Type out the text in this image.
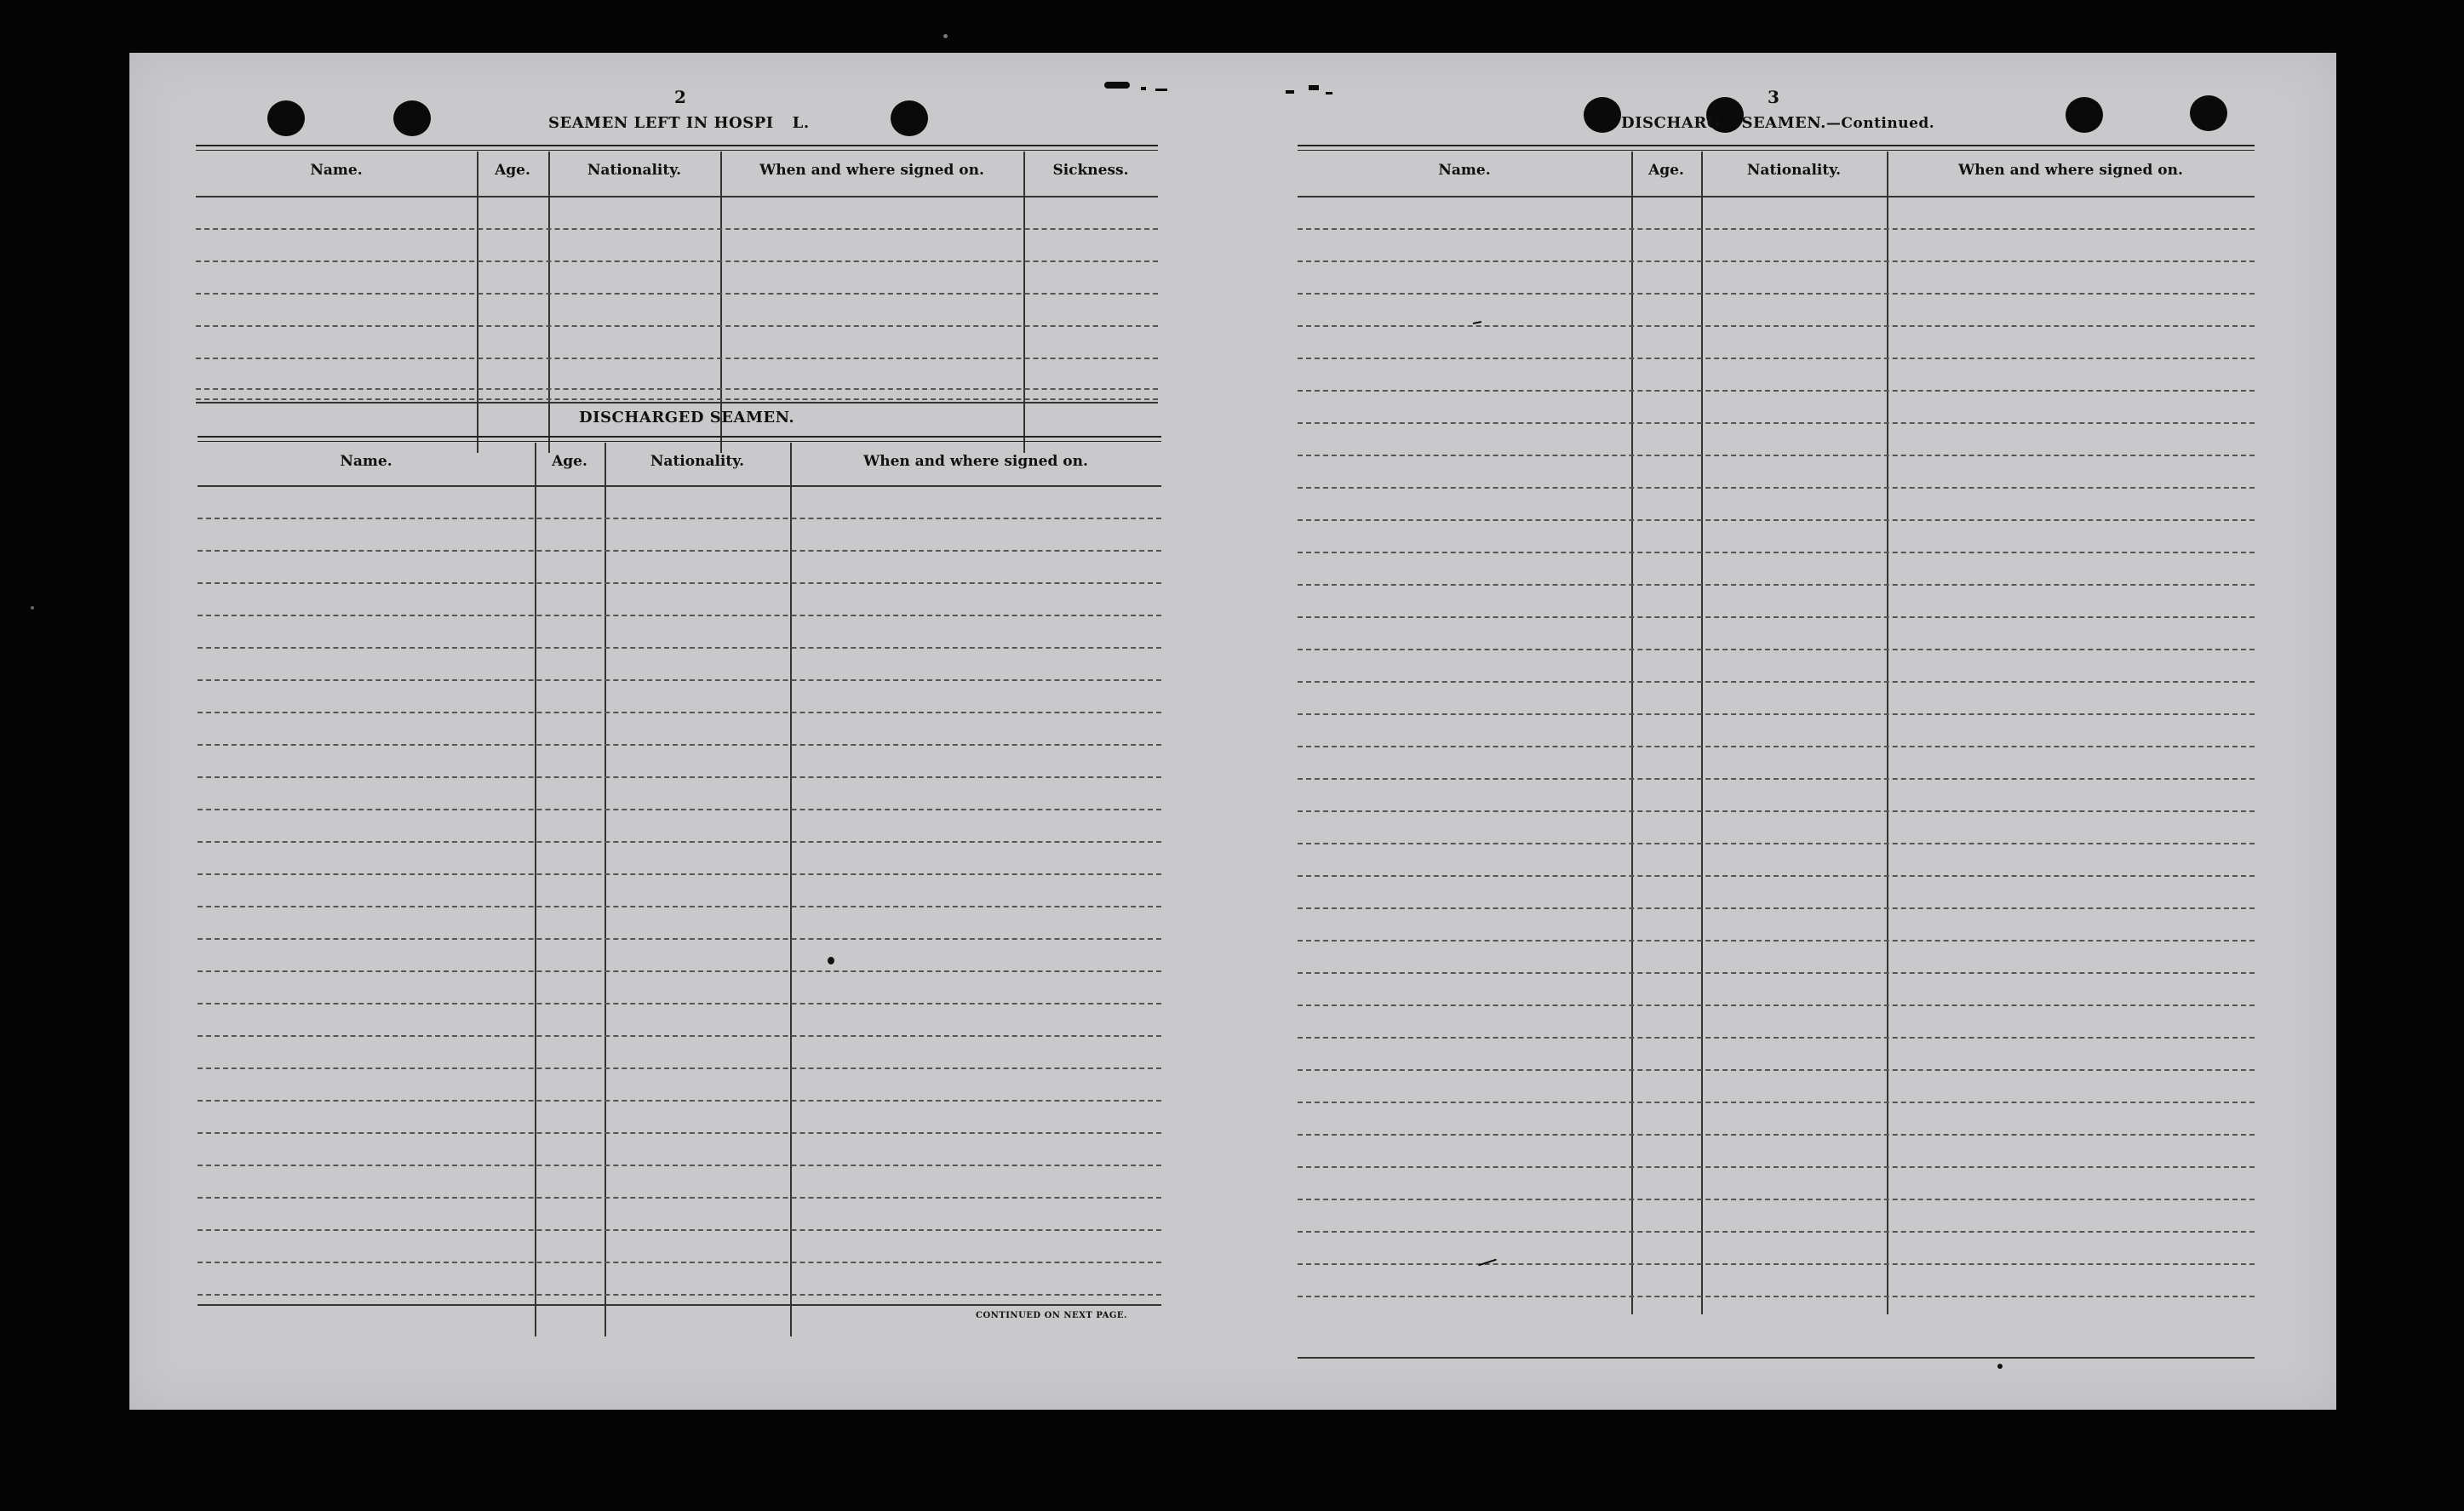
2
SEAMEN LEFT IN HOSPI L.
Name.	Age.	Nationality.	When and where signed on.	Sickness.
DISCHARGED SEAMEN.
Name.	Age.	Nationality.	When and where signed on.
CONTINUED ON NEXT PAGE.
3
DISCHARG SEAMEN.—Continued.
Name.	Age.	Nationality.	When and where signed on.
